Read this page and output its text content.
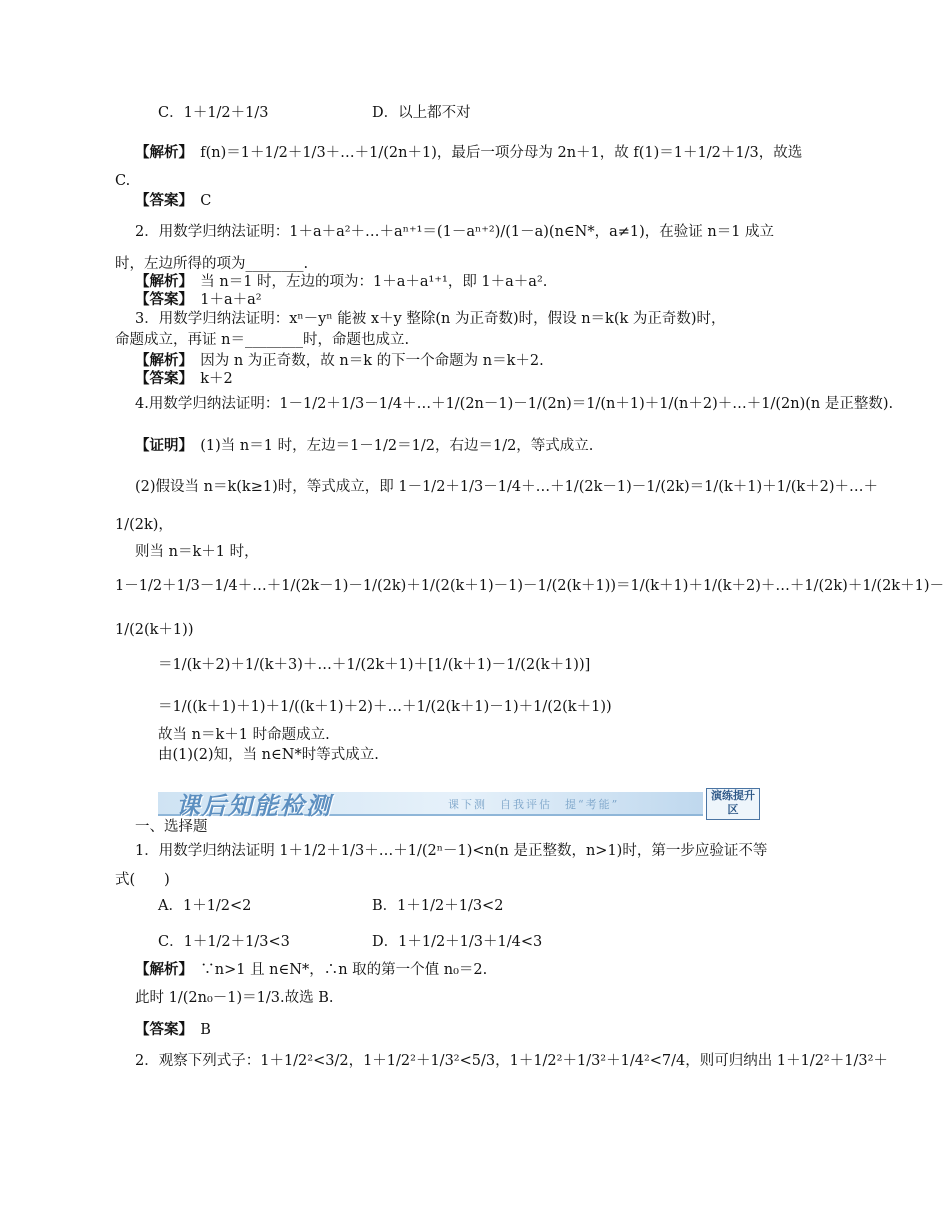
C．1＋1/2＋1/3	D．以上都不对
【解析】　f(n)＝1＋1/2＋1/3＋…＋1/(2n＋1)，最后一项分母为 2n＋1，故 f(1)＝1＋1/2＋1/3，故选
C.
【答案】　C
2．用数学归纳法证明：1＋a＋a²＋…＋aⁿ⁺¹＝(1－aⁿ⁺²)/(1－a)(n∈N*，a≠1)，在验证 n＝1 成立
时，左边所得的项为________.
【解析】　当 n＝1 时，左边的项为：1＋a＋a¹⁺¹，即 1＋a＋a².
【答案】　1＋a＋a²
3．用数学归纳法证明：xⁿ－yⁿ 能被 x＋y 整除(n 为正奇数)时，假设 n＝k(k 为正奇数)时，
命题成立，再证 n＝________时，命题也成立.
【解析】　因为 n 为正奇数，故 n＝k 的下一个命题为 n＝k＋2.
【答案】　k＋2
4.用数学归纳法证明：1－1/2＋1/3－1/4＋…＋1/(2n－1)－1/(2n)＝1/(n＋1)＋1/(n＋2)＋…＋1/(2n)(n 是正整数).
【证明】　(1)当 n＝1 时，左边＝1－1/2＝1/2，右边＝1/2，等式成立.
(2)假设当 n＝k(k≥1)时，等式成立，即 1－1/2＋1/3－1/4＋…＋1/(2k－1)－1/(2k)＝1/(k＋1)＋1/(k＋2)＋…＋
1/(2k)，
则当 n＝k＋1 时，
1－1/2＋1/3－1/4＋…＋1/(2k－1)－1/(2k)＋1/(2(k＋1)－1)－1/(2(k＋1))＝1/(k＋1)＋1/(k＋2)＋…＋1/(2k)＋1/(2k＋1)－
1/(2(k＋1))
＝1/(k＋2)＋1/(k＋3)＋…＋1/(2k＋1)＋[1/(k＋1)－1/(2(k＋1))]
＝1/((k＋1)＋1)＋1/((k＋1)＋2)＋…＋1/(2(k＋1)－1)＋1/(2(k＋1))
故当 n＝k＋1 时命题成立.
由(1)(2)知，当 n∈N*时等式成立.
一、选择题
1．用数学归纳法证明 1＋1/2＋1/3＋…＋1/(2ⁿ－1)<n(n 是正整数，n>1)时，第一步应验证不等
式(　　)
A．1＋1/2<2	B．1＋1/2＋1/3<2
C．1＋1/2＋1/3<3	D．1＋1/2＋1/3＋1/4<3
【解析】　∵n>1 且 n∈N*，∴n 取的第一个值 n₀＝2.
此时 1/(2n₀－1)＝1/3.故选 B.
【答案】　B
2．观察下列式子：1＋1/2²<3/2，1＋1/2²＋1/3²<5/3，1＋1/2²＋1/3²＋1/4²<7/4，则可归纳出 1＋1/2²＋1/3²＋
课后知能检测	课下测　自我评估　提“考能”
演练提升区
